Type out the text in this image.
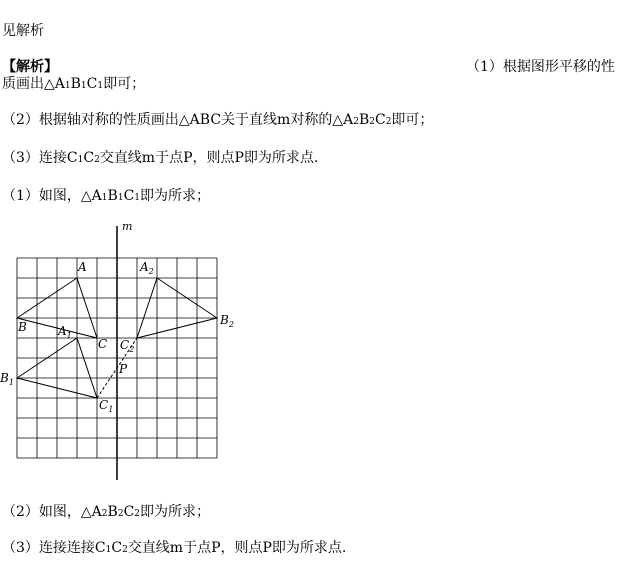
见解析
【解析】	（1）根据图形平移的性
质画出△A1B1C1即可；
（2）根据轴对称的性质画出△ABC关于直线m对称的△A2B2C2即可；
（3）连接C1C2交直线m于点P，则点P即为所求点.
（1）如图，△A1B1C1即为所求；
m
A
B
C
$A_1$
$B_1$
$C_1$
$A_2$
$B_2$
$C_2$
P
（2）如图，△A2B2C2即为所求；
（3）连接连接C1C2交直线m于点P，则点P即为所求点.
